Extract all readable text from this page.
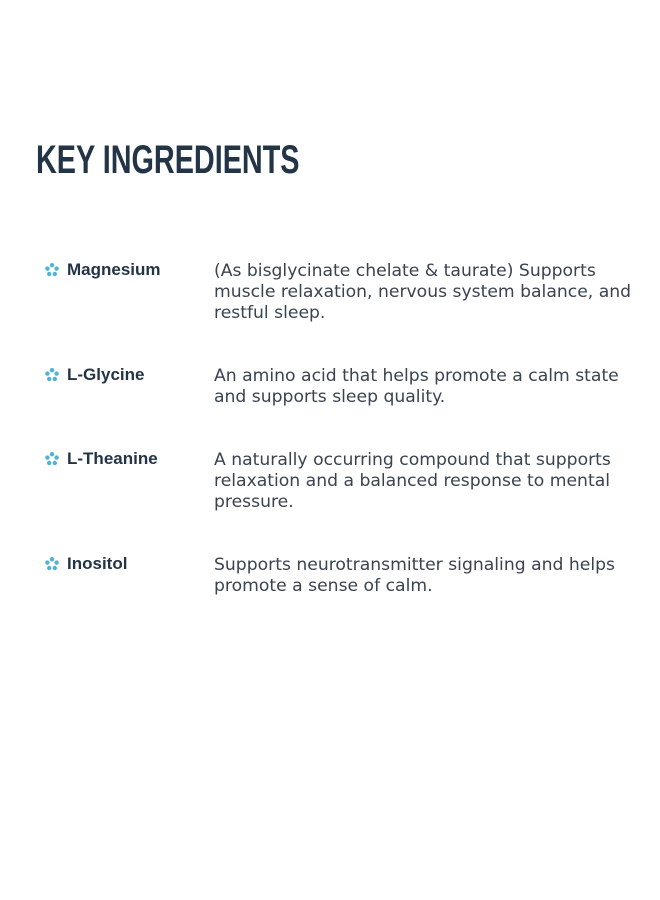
KEY INGREDIENTS
Magnesium	(As bisglycinate chelate & taurate) Supports muscle relaxation, nervous system balance, and restful sleep.
L-Glycine	An amino acid that helps promote a calm state and supports sleep quality.
L-Theanine	A naturally occurring compound that supports relaxation and a balanced response to mental pressure.
Inositol	Supports neurotransmitter signaling and helps promote a sense of calm.
